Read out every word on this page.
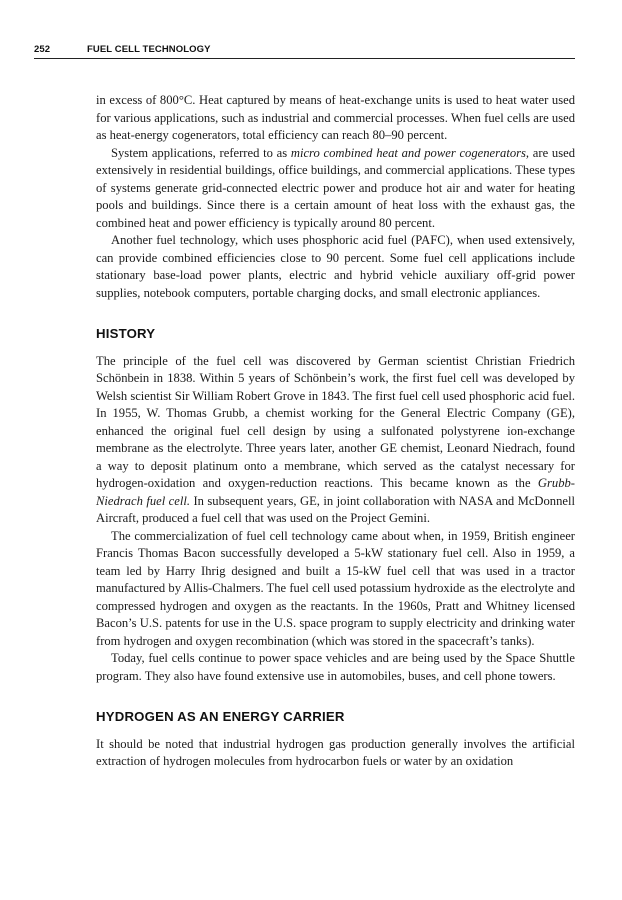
252	FUEL CELL TECHNOLOGY

in excess of 800°C. Heat captured by means of heat-exchange units is used to heat water used for various applications, such as industrial and commercial processes. When fuel cells are used as heat-energy cogenerators, total efficiency can reach 80–90 percent.

System applications, referred to as micro combined heat and power cogenerators, are used extensively in residential buildings, office buildings, and commercial applications. These types of systems generate grid-connected electric power and produce hot air and water for heating pools and buildings. Since there is a certain amount of heat loss with the exhaust gas, the combined heat and power efficiency is typically around 80 percent.

Another fuel technology, which uses phosphoric acid fuel (PAFC), when used extensively, can provide combined efficiencies close to 90 percent. Some fuel cell applications include stationary base-load power plants, electric and hybrid vehicle auxiliary off-grid power supplies, notebook computers, portable charging docks, and small electronic appliances.

HISTORY

The principle of the fuel cell was discovered by German scientist Christian Friedrich Schönbein in 1838. Within 5 years of Schönbein’s work, the first fuel cell was developed by Welsh scientist Sir William Robert Grove in 1843. The first fuel cell used phosphoric acid fuel. In 1955, W. Thomas Grubb, a chemist working for the General Electric Company (GE), enhanced the original fuel cell design by using a sulfonated polystyrene ion-exchange membrane as the electrolyte. Three years later, another GE chemist, Leonard Niedrach, found a way to deposit platinum onto a membrane, which served as the catalyst necessary for hydrogen-oxidation and oxygen-reduction reactions. This became known as the Grubb-Niedrach fuel cell. In subsequent years, GE, in joint collaboration with NASA and McDonnell Aircraft, produced a fuel cell that was used on the Project Gemini.

The commercialization of fuel cell technology came about when, in 1959, British engineer Francis Thomas Bacon successfully developed a 5-kW stationary fuel cell. Also in 1959, a team led by Harry Ihrig designed and built a 15-kW fuel cell that was used in a tractor manufactured by Allis-Chalmers. The fuel cell used potassium hydroxide as the electrolyte and compressed hydrogen and oxygen as the reactants. In the 1960s, Pratt and Whitney licensed Bacon’s U.S. patents for use in the U.S. space program to supply electricity and drinking water from hydrogen and oxygen recombination (which was stored in the spacecraft’s tanks).

Today, fuel cells continue to power space vehicles and are being used by the Space Shuttle program. They also have found extensive use in automobiles, buses, and cell phone towers.

HYDROGEN AS AN ENERGY CARRIER

It should be noted that industrial hydrogen gas production generally involves the artificial extraction of hydrogen molecules from hydrocarbon fuels or water by an oxidation
